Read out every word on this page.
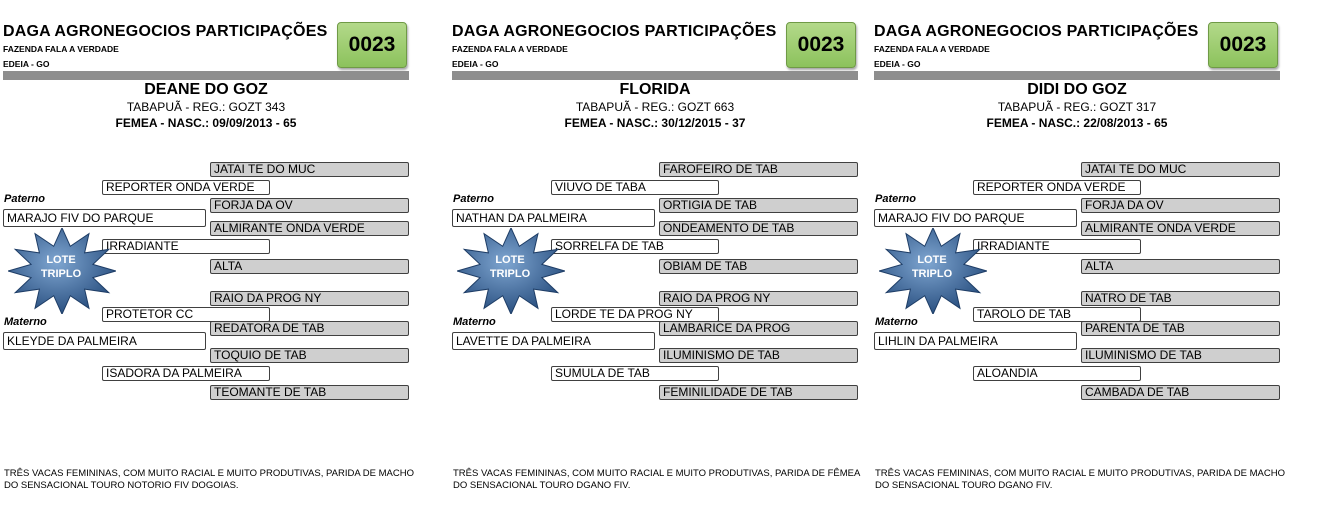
DAGA AGRONEGOCIOS PARTICIPAÇÕES
FAZENDA FALA A VERDADE
EDEIA - GO
0023
DEANE DO GOZ
TABAPUÃ - REG.: GOZT 343
FEMEA - NASC.: 09/09/2013 - 65
JATAI TE DO MUC
FORJA DA OV
ALMIRANTE ONDA VERDE
ALTA
RAIO DA PROG NY
REDATORA DE TAB
TOQUIO DE TAB
TEOMANTE DE TAB
REPORTER ONDA VERDE
IRRADIANTE
PROTETOR CC
ISADORA DA PALMEIRA
Paterno
MARAJO FIV DO PARQUE
Materno
KLEYDE DA PALMEIRA
LOTE
TRIPLO
TRÊS VACAS FEMININAS, COM MUITO RACIAL E MUITO PRODUTIVAS, PARIDA DE MACHO DO SENSACIONAL TOURO NOTORIO FIV DOGOIAS.
DAGA AGRONEGOCIOS PARTICIPAÇÕES
FAZENDA FALA A VERDADE
EDEIA - GO
0023
FLORIDA
TABAPUÃ - REG.: GOZT 663
FEMEA - NASC.: 30/12/2015 - 37
FAROFEIRO DE TAB
ORTIGIA DE TAB
ONDEAMENTO DE TAB
OBIAM DE TAB
RAIO DA PROG NY
LAMBARICE DA PROG
ILUMINISMO DE TAB
FEMINILIDADE DE TAB
VIUVO DE TABA
SORRELFA DE TAB
LORDE TE DA PROG NY
SUMULA DE TAB
Paterno
NATHAN DA PALMEIRA
Materno
LAVETTE DA PALMEIRA
LOTE
TRIPLO
TRÊS VACAS FEMININAS, COM MUITO RACIAL E MUITO PRODUTIVAS, PARIDA DE FÊMEA DO SENSACIONAL TOURO DGANO FIV.
DAGA AGRONEGOCIOS PARTICIPAÇÕES
FAZENDA FALA A VERDADE
EDEIA - GO
0023
DIDI DO GOZ
TABAPUÃ - REG.: GOZT 317
FEMEA - NASC.: 22/08/2013 - 65
JATAI TE DO MUC
FORJA DA OV
ALMIRANTE ONDA VERDE
ALTA
NATRO DE TAB
PARENTA DE TAB
ILUMINISMO DE TAB
CAMBADA DE TAB
REPORTER ONDA VERDE
IRRADIANTE
TAROLO DE TAB
ALOANDIA
Paterno
MARAJO FIV DO PARQUE
Materno
LIHLIN DA PALMEIRA
LOTE
TRIPLO
TRÊS VACAS FEMININAS, COM MUITO RACIAL E MUITO PRODUTIVAS, PARIDA DE MACHO DO SENSACIONAL TOURO DGANO FIV.
